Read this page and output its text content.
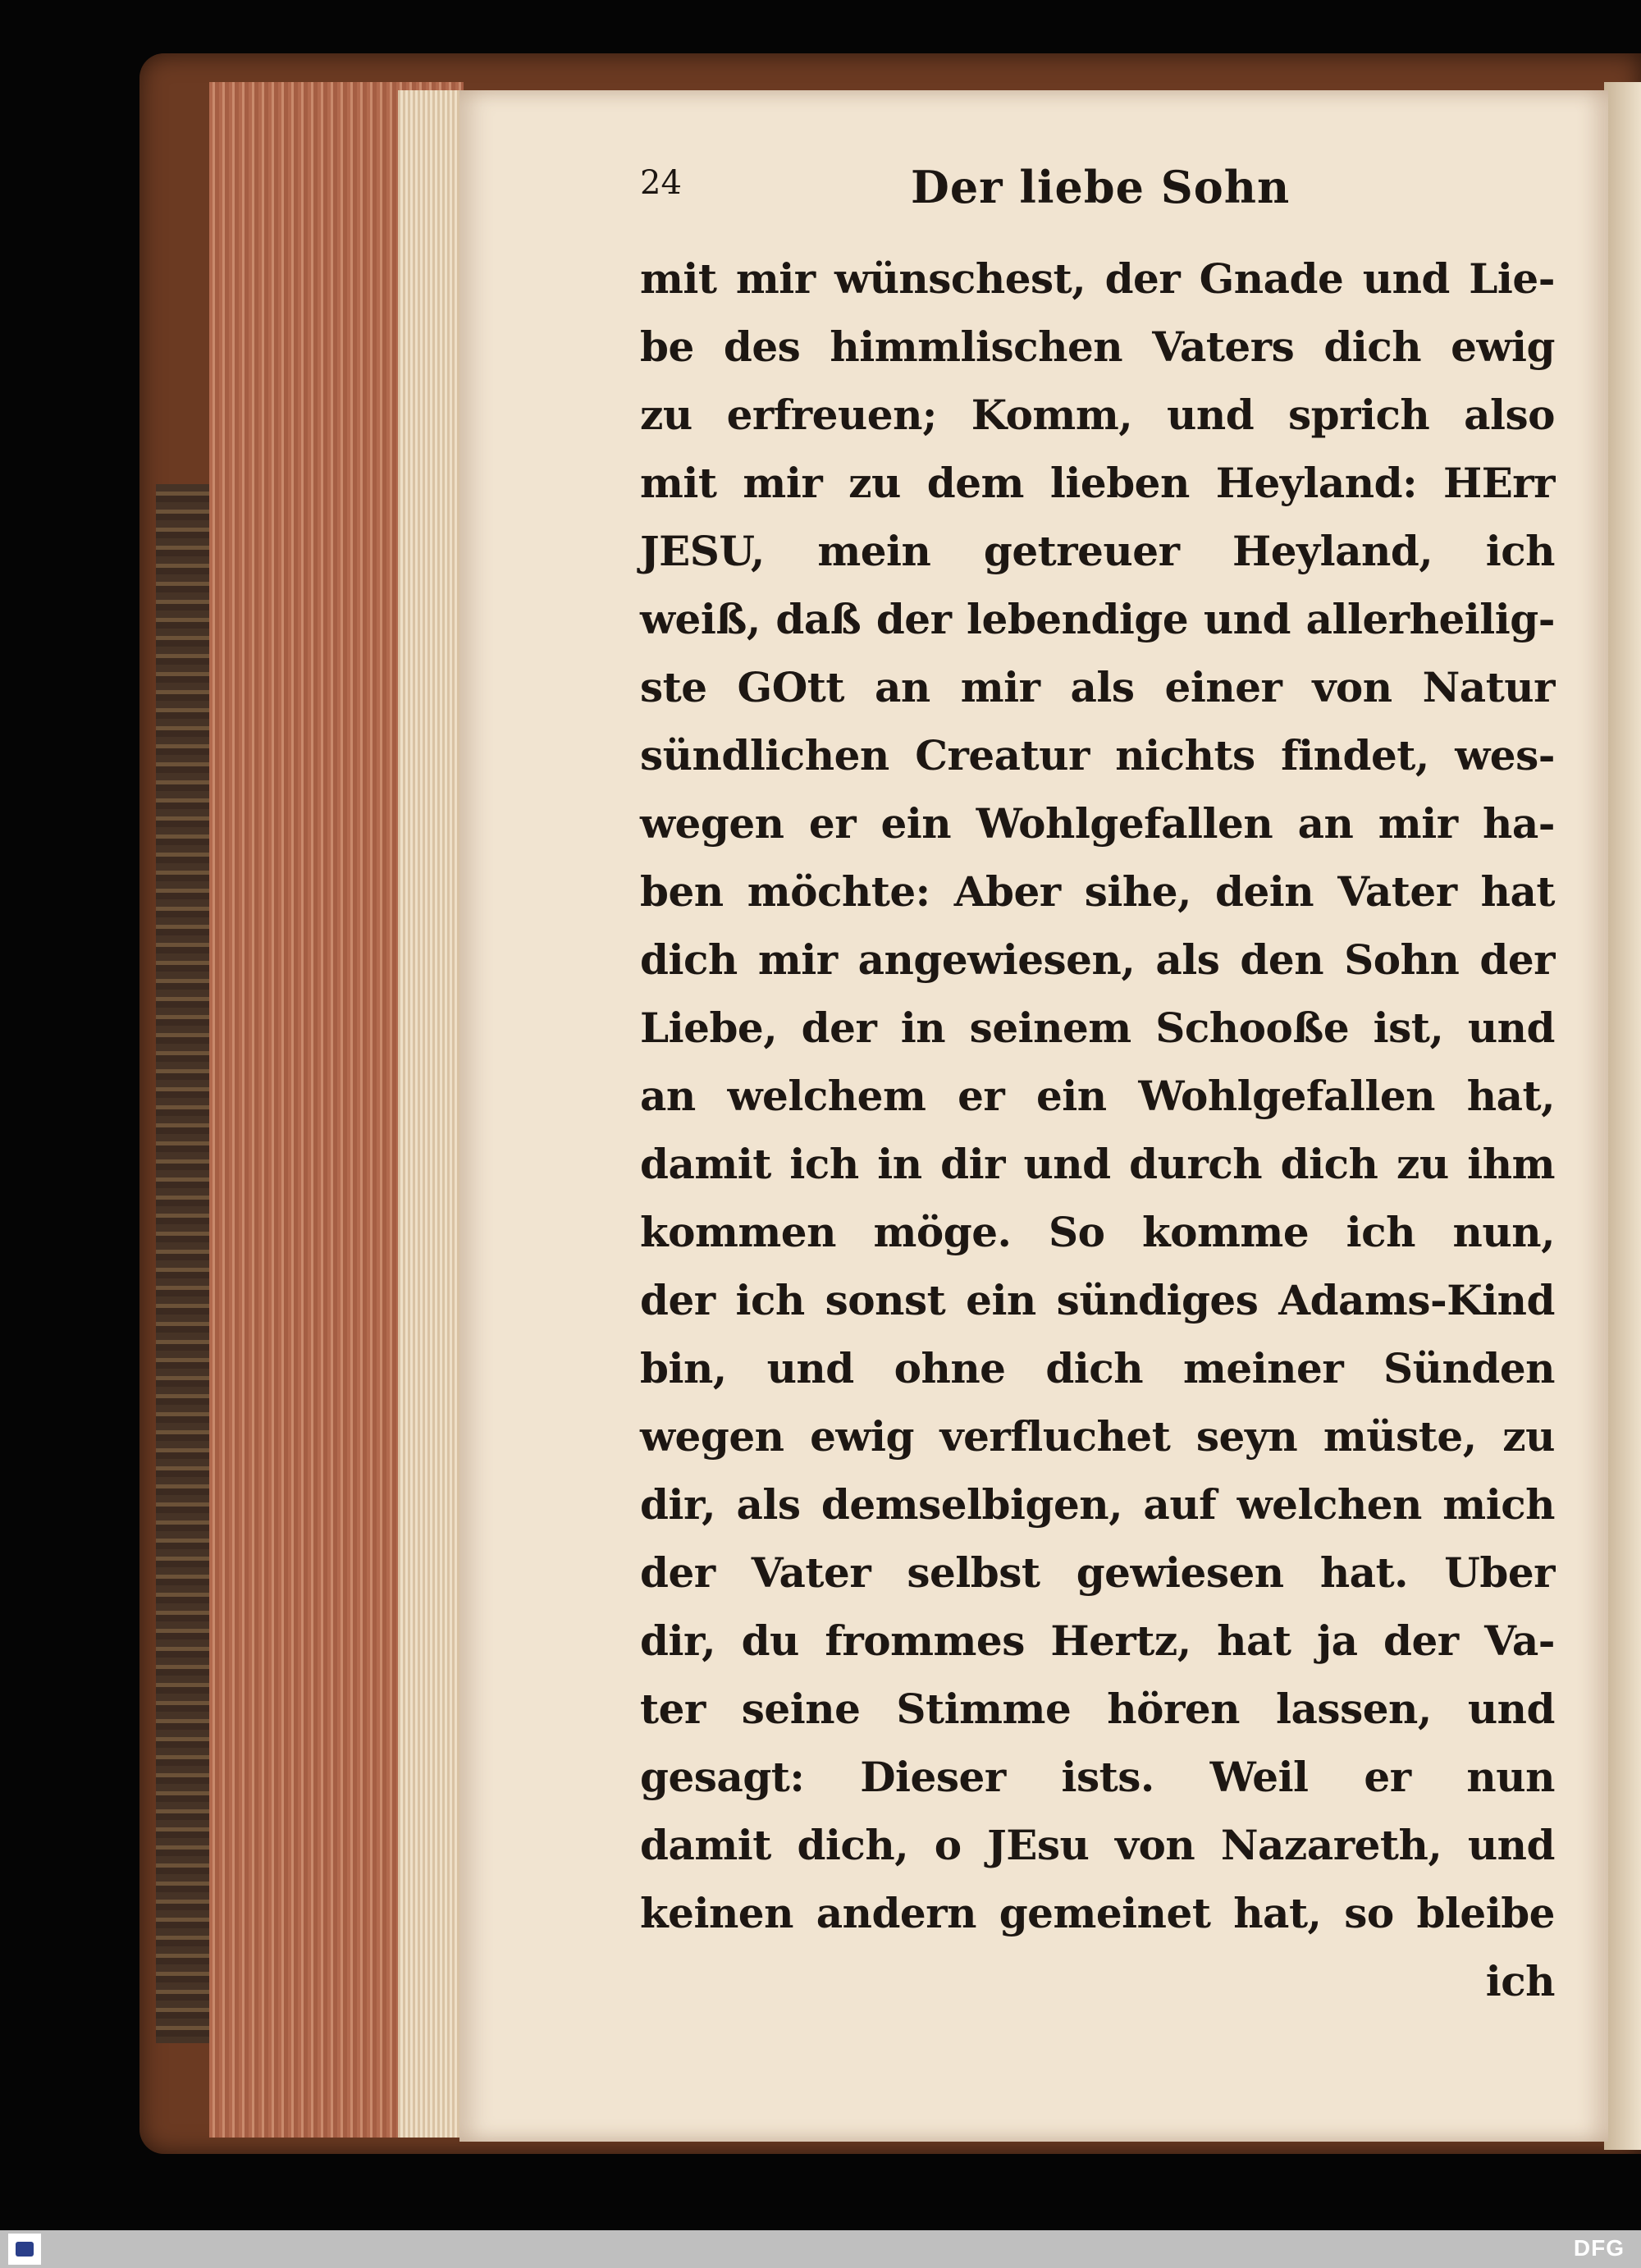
24	Der liebe Sohn
mit mir wünschest, der Gnade und Lie-
be des himmlischen Vaters dich ewig
zu erfreuen; Komm, und sprich also
mit mir zu dem lieben Heyland: HErr
JESU, mein getreuer Heyland, ich
weiß, daß der lebendige und allerheilig-
ste GOtt an mir als einer von Natur
sündlichen Creatur nichts findet, wes-
wegen er ein Wohlgefallen an mir ha-
ben möchte: Aber sihe, dein Vater hat
dich mir angewiesen, als den Sohn der
Liebe, der in seinem Schooße ist, und
an welchem er ein Wohlgefallen hat,
damit ich in dir und durch dich zu ihm
kommen möge. So komme ich nun,
der ich sonst ein sündiges Adams-Kind
bin, und ohne dich meiner Sünden
wegen ewig verfluchet seyn müste, zu
dir, als demselbigen, auf welchen mich
der Vater selbst gewiesen hat. Uber
dir, du frommes Hertz, hat ja der Va-
ter seine Stimme hören lassen, und
gesagt: Dieser ists. Weil er nun
damit dich, o JEsu von Nazareth, und
keinen andern gemeinet hat, so bleibe
ich
DFG
